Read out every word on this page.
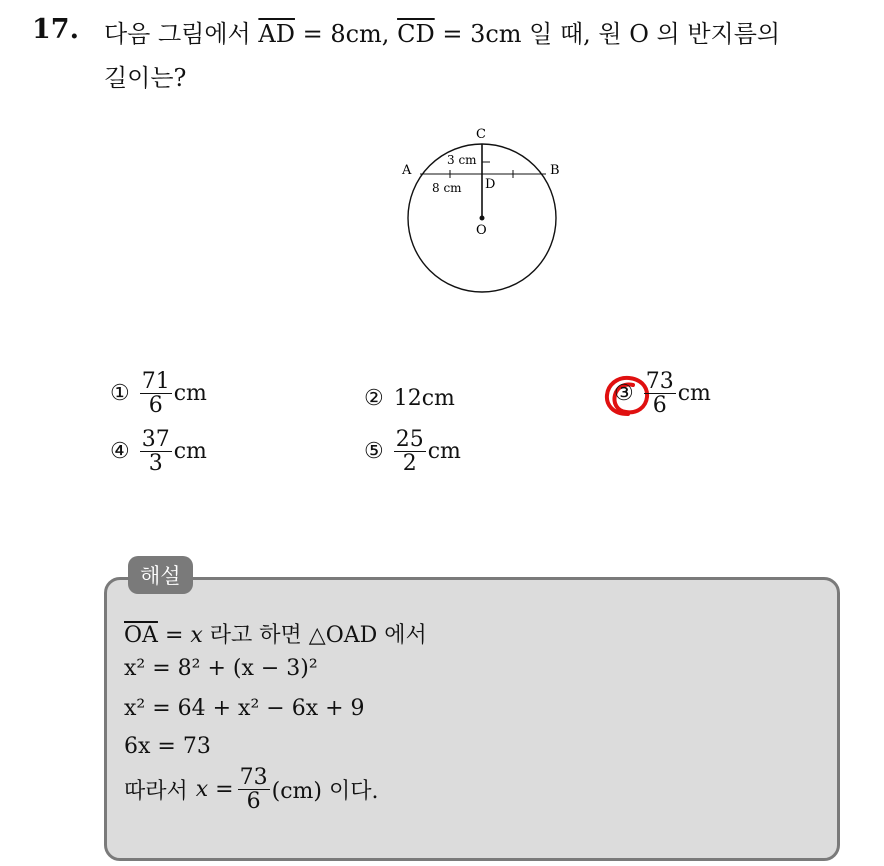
17. 다음 그림에서 $\overline{AD} = 8cm$, $\overline{CD} = 3cm$ 일 때, 원 O 의 반지름의
길이는?
A	B
C
D
O
3 cm
8 cm
① $\frac{71}{6}$ cm	② 12cm	③ $\frac{73}{6}$ cm
④ $\frac{37}{3}$ cm	⑤ $\frac{25}{2}$ cm
해설
$\overline{OA} = x$ 라고 하면 △OAD 에서
x² = 8² + (x − 3)²
x² = 64 + x² − 6x + 9
6x = 73
따라서 $x = \frac{73}{6} (cm)$ 이다.
